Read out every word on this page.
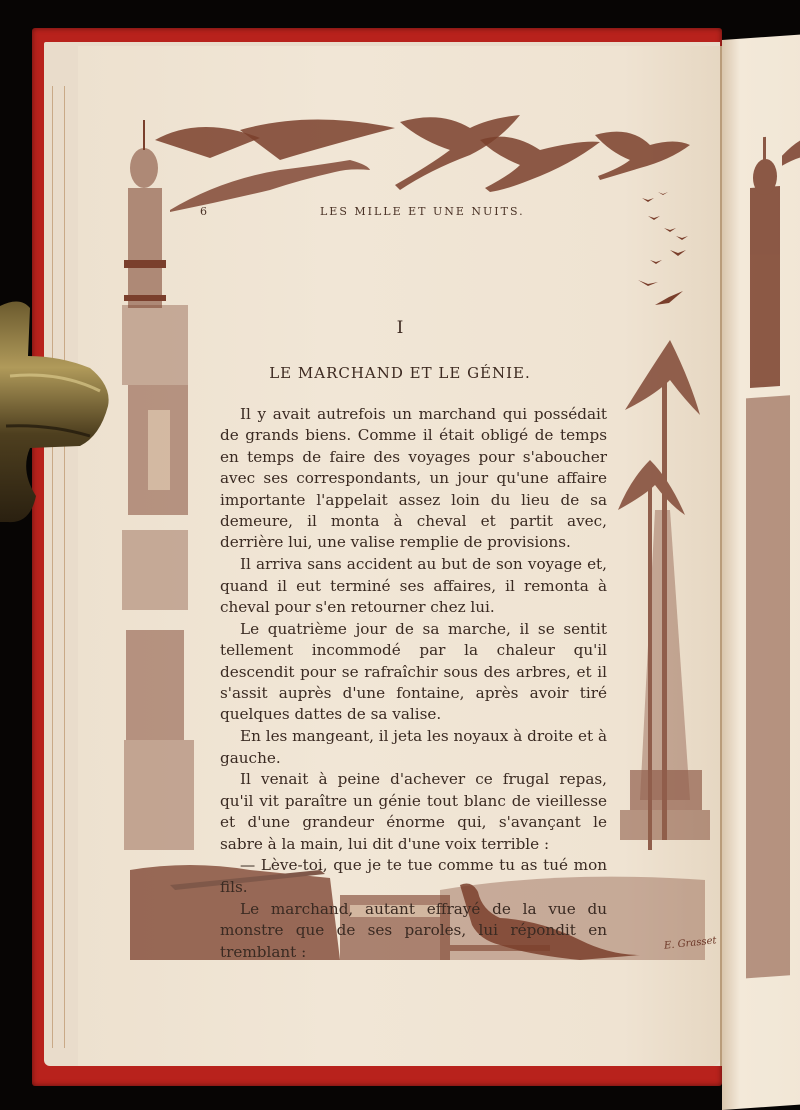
6	LES MILLE ET UNE NUITS.
I
LE MARCHAND ET LE GÉNIE.

Il y avait autrefois un marchand qui possédait de grands biens. Comme il était obligé de temps en temps de faire des voyages pour s'aboucher avec ses correspondants, un jour qu'une affaire importante l'appelait assez loin du lieu de sa demeure, il monta à cheval et partit avec, derrière lui, une valise remplie de provisions.

Il arriva sans accident au but de son voyage et, quand il eut terminé ses affaires, il remonta à cheval pour s'en retourner chez lui.

Le quatrième jour de sa marche, il se sentit tellement incommodé par la chaleur qu'il descendit pour se rafraîchir sous des arbres, et il s'assit auprès d'une fontaine, après avoir tiré quelques dattes de sa valise.

En les mangeant, il jeta les noyaux à droite et à gauche.

Il venait à peine d'achever ce frugal repas, qu'il vit paraître un génie tout blanc de vieillesse et d'une grandeur énorme qui, s'avançant le sabre à la main, lui dit d'une voix terrible :

— Lève-toi, que je te tue comme tu as tué mon fils.

Le marchand, autant effrayé de la vue du monstre que de ses paroles, lui répondit en tremblant :	E. Grasset
